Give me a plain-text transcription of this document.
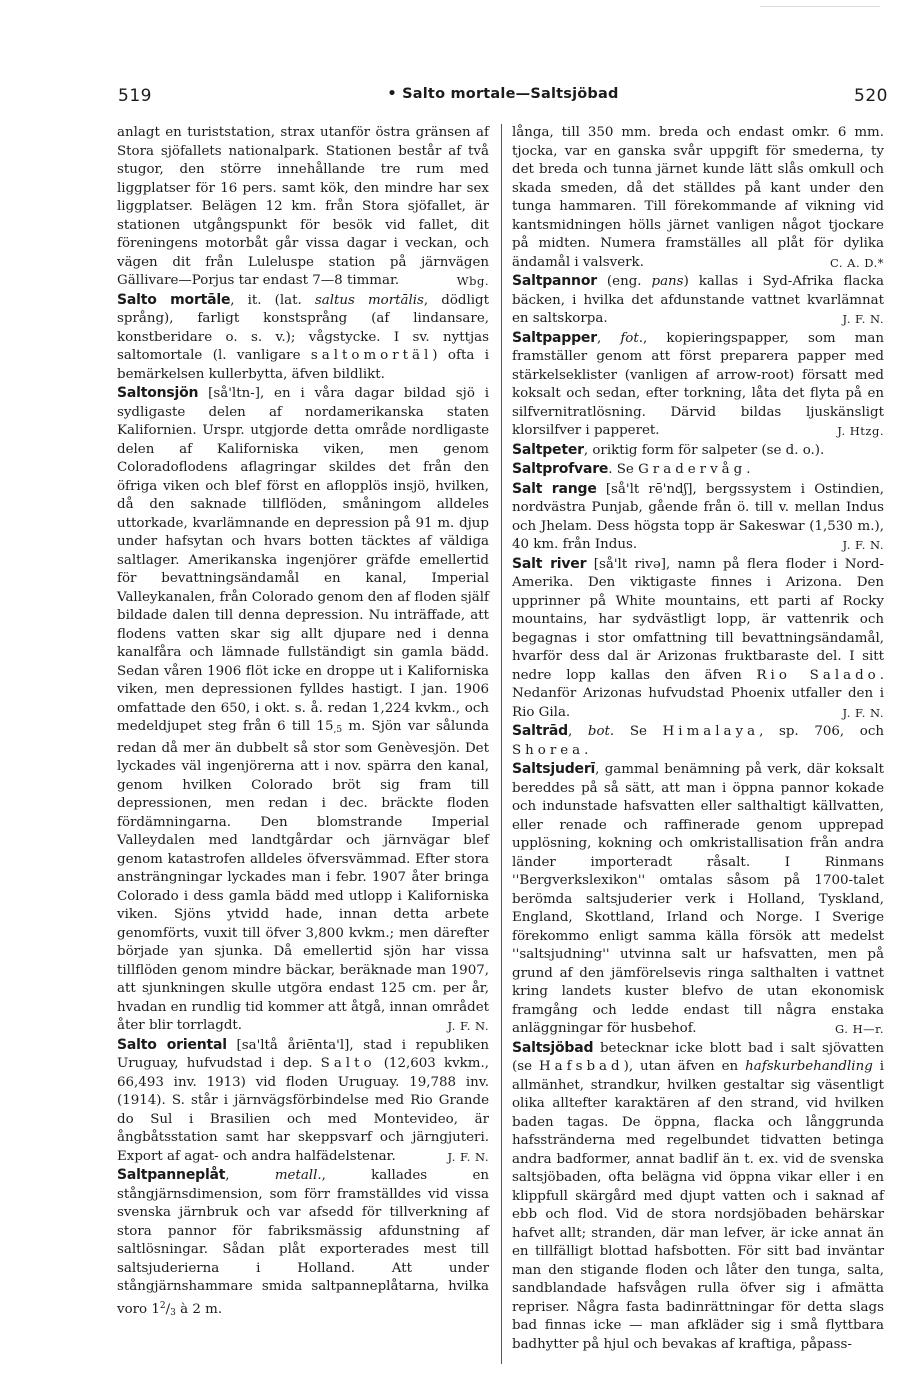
519	• Salto mortale—Saltsjöbad	520

anlagt en turiststation, strax utanför östra gränsen af Stora sjöfallets nationalpark. Stationen består af två stugor, den större innehållande tre rum med liggplatser för 16 pers. samt kök, den mindre har sex liggplatser. Belägen 12 km. från Stora sjöfallet, är stationen utgångspunkt för besök vid fallet, dit föreningens motorbåt går vissa dagar i veckan, och vägen dit från Luleluspe station på järnvägen Gällivare—Porjus tar endast 7—8 timmar.	Wbg.

Salto mortāle, it. (lat. saltus mortālis, dödligt språng), farligt konstsprång (af lindansare, konstberidare o. s. v.); vågstycke. I sv. nyttjas saltomortale (l. vanligare saltomortäl) ofta i bemärkelsen kullerbytta, äfven bildlikt.

Saltonsjön [så'ltn-], en i våra dagar bildad sjö i sydligaste delen af nordamerikanska staten Kalifornien. Urspr. utgjorde detta område nordligaste delen af Kaliforniska viken, men genom Coloradoflodens aflagringar skildes det från den öfriga viken och blef först en aflopplös insjö, hvilken, då den saknade tillflöden, småningom alldeles uttorkade, kvarlämnande en depression på 91 m. djup under hafsytan och hvars botten täcktes af väldiga saltlager. Amerikanska ingenjörer gräfde emellertid för bevattningsändamål en kanal, Imperial Valleykanalen, från Colorado genom den af floden själf bildade dalen till denna depression. Nu inträffade, att flodens vatten skar sig allt djupare ned i denna kanalfåra och lämnade fullständigt sin gamla bädd. Sedan våren 1906 flöt icke en droppe ut i Kaliforniska viken, men depressionen fylldes hastigt. I jan. 1906 omfattade den 650, i okt. s. å. redan 1,224 kvkm., och medeldjupet steg från 6 till $15_{,5}$ m. Sjön var sålunda redan då mer än dubbelt så stor som Genèvesjön. Det lyckades väl ingenjörerna att i nov. spärra den kanal, genom hvilken Colorado bröt sig fram till depressionen, men redan i dec. bräckte floden fördämningarna. Den blomstrande Imperial Valleydalen med landtgårdar och järnvägar blef genom katastrofen alldeles öfversvämmad. Efter stora ansträngningar lyckades man i febr. 1907 åter bringa Colorado i dess gamla bädd med utlopp i Kaliforniska viken. Sjöns ytvidd hade, innan detta arbete genomförts, vuxit till öfver 3,800 kvkm.; men därefter började yan sjunka. Då emellertid sjön har vissa tillflöden genom mindre bäckar, beräknade man 1907, att sjunkningen skulle utgöra endast 125 cm. per år, hvadan en rundlig tid kommer att åtgå, innan området åter blir torrlagdt.	J. F. N.

Salto oriental [sa'ltå åriēnta'l], stad i republiken Uruguay, hufvudstad i dep. Salto (12,603 kvkm., 66,493 inv. 1913) vid floden Uruguay. 19,788 inv. (1914). S. står i järnvägsförbindelse med Rio Grande do Sul i Brasilien och med Montevideo, är ångbåtsstation samt har skeppsvarf och järngjuteri. Export af agat- och andra halfädelstenar.	J. F. N.

Saltpanneplåt, metall., kallades en stångjärnsdimension, som förr framställdes vid vissa svenska järnbruk och var afsedd för tillverkning af stora pannor för fabriksmässig afdunstning af saltlösningar. Sådan plåt exporterades mest till saltsjuderierna i Holland. Att under stångjärnshammare smida saltpanneplåtarna, hvilka voro $1^2/_3$ à 2 m.

långa, till 350 mm. breda och endast omkr. 6 mm. tjocka, var en ganska svår uppgift för smederna, ty det breda och tunna järnet kunde lätt slås omkull och skada smeden, då det ställdes på kant under den tunga hammaren. Till förekommande af vikning vid kantsmidningen hölls järnet vanligen något tjockare på midten. Numera framställes all plåt för dylika ändamål i valsverk.	C. A. D.*

Saltpannor (eng. pans) kallas i Syd-Afrika flacka bäcken, i hvilka det afdunstande vattnet kvarlämnat en saltskorpa.	J. F. N.

Saltpapper, fot., kopieringspapper, som man framställer genom att först preparera papper med stärkelseklister (vanligen af arrow-root) försatt med koksalt och sedan, efter torkning, låta det flyta på en silfvernitratlösning. Därvid bildas ljuskänsligt klorsilfver i papperet.	J. Htzg.

Saltpeter, oriktig form för salpeter (se d. o.).

Saltprofvare. Se Gradervåg.

Salt range [så'lt rē'ndʃ], bergssystem i Ostindien, nordvästra Punjab, gående från ö. till v. mellan Indus och Jhelam. Dess högsta topp är Sakeswar (1,530 m.), 40 km. från Indus.	J. F. N.

Salt river [så'lt rivə], namn på flera floder i Nord-Amerika. Den viktigaste finnes i Arizona. Den upprinner på White mountains, ett parti af Rocky mountains, har sydvästligt lopp, är vattenrik och begagnas i stor omfattning till bevattningsändamål, hvarför dess dal är Arizonas fruktbaraste del. I sitt nedre lopp kallas den äfven Rio Salado. Nedanför Arizonas hufvudstad Phoenix utfaller den i Rio Gila.	J. F. N.

Saltrād, bot. Se Himalaya, sp. 706, och Shorea.

Saltsjuderī, gammal benämning på verk, där koksalt bereddes på så sätt, att man i öppna pannor kokade och indunstade hafsvatten eller salthaltigt källvatten, eller renade och raffinerade genom upprepad upplösning, kokning och omkristallisation från andra länder importeradt råsalt. I Rinmans ''Bergverkslexikon'' omtalas såsom på 1700-talet berömda saltsjuderier verk i Holland, Tyskland, England, Skottland, Irland och Norge. I Sverige förekommo enligt samma källa försök att medelst ''saltsjudning'' utvinna salt ur hafsvatten, men på grund af den jämförelsevis ringa salthalten i vattnet kring landets kuster blefvo de utan ekonomisk framgång och ledde endast till några enstaka anläggningar för husbehof.	G. H—r.

Saltsjöbad betecknar icke blott bad i salt sjövatten (se Hafsbad), utan äfven en hafskurbehandling i allmänhet, strandkur, hvilken gestaltar sig väsentligt olika alltefter karaktären af den strand, vid hvilken baden tagas. De öppna, flacka och långgrunda hafsstränderna med regelbundet tidvatten betinga andra badformer, annat badlif än t. ex. vid de svenska saltsjöbaden, ofta belägna vid öppna vikar eller i en klippfull skärgård med djupt vatten och i saknad af ebb och flod. Vid de stora nordsjöbaden behärskar hafvet allt; stranden, där man lefver, är icke annat än en tillfälligt blottad hafsbotten. För sitt bad inväntar man den stigande floden och låter den tunga, salta, sandblandade hafsvågen rulla öfver sig i afmätta repriser. Några fasta badinrättningar för detta slags bad finnas icke — man afkläder sig i små flyttbara badhytter på hjul och bevakas af kraftiga, påpass-
